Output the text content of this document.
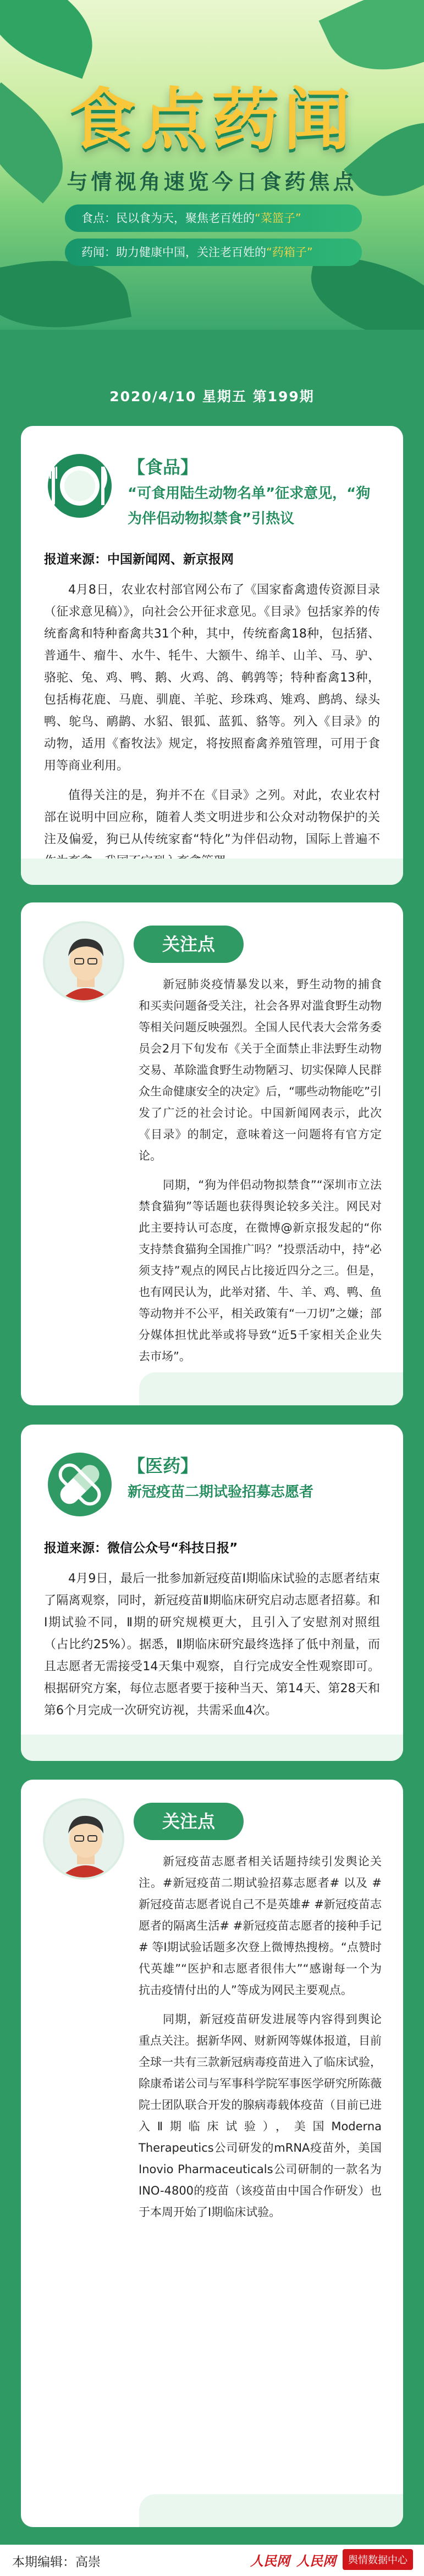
食点药闻
与情视角速览今日食药焦点
食点：民以食为天，聚焦老百姓的“菜篮子”
药闻：助力健康中国，关注老百姓的“药箱子”
2020/4/10 星期五 第199期
【食品】
“可食用陆生动物名单”征求意见，“狗为伴侣动物拟禁食”引热议
报道来源：中国新闻网、新京报网

4月8日，农业农村部官网公布了《国家畜禽遗传资源目录（征求意见稿）》，向社会公开征求意见。《目录》包括家养的传统畜禽和特种畜禽共31个种，其中，传统畜禽18种，包括猪、普通牛、瘤牛、水牛、牦牛、大额牛、绵羊、山羊、马、驴、骆驼、兔、鸡、鸭、鹅、火鸡、鸽、鹌鹑等；特种畜禽13种，包括梅花鹿、马鹿、驯鹿、羊驼、珍珠鸡、雉鸡、鹧鸪、绿头鸭、鸵鸟、鸸鹋、水貂、银狐、蓝狐、貉等。列入《目录》的动物，适用《畜牧法》规定，将按照畜禽养殖管理，可用于食用等商业利用。

值得关注的是，狗并不在《目录》之列。对此，农业农村部在说明中回应称，随着人类文明进步和公众对动物保护的关注及偏爱，狗已从传统家畜“特化”为伴侣动物，国际上普遍不

关注点

新冠肺炎疫情暴发以来，野生动物的捕食和买卖问题备受关注，社会各界对滥食野生动物等相关问题反映强烈。全国人民代表大会常务委员会2月下旬发布《关于全面禁止非法野生动物交易、革除滥食野生动物陋习、切实保障人民群众生命健康安全的决定》后，“哪些动物能吃”引发了广泛的社会讨论。中国新闻网表示，此次《目录》的制定，意味着这一问题将有官方定论。

同期，“狗为伴侣动物拟禁食”“深圳市立法禁食猫狗”等话题也获得舆论较多关注。网民对此主要持认可态度，在微博@新京报发起的“你支持禁食猫狗全国推广吗？”投票活动中，持“必须支持”观点的网民占比接近四分之三。但是，也有网民认为，此举对猪、牛、羊、鸡、鸭、鱼等动物并不公平，相关政策有“一刀切”之嫌；部分媒体担忧此举或将导致“近5千家相关企业失去市场”。

【医药】
新冠疫苗二期试验招募志愿者
报道来源：微信公众号“科技日报”

4月9日，最后一批参加新冠疫苗Ⅰ期临床试验的志愿者结束了隔离观察，同时，新冠疫苗Ⅱ期临床研究启动志愿者招募。和Ⅰ期试验不同，Ⅱ期的研究规模更大，且引入了安慰剂对照组（占比约25%）。据悉，Ⅱ期临床研究最终选择了低中剂量，而且志愿者无需接受14天集中观察，自行完成安全性观察即可。根据研究方案，每位志愿者要于接种当天、第14天、第28天和第6个月完成一次研究访视，共需采血4次。

关注点

新冠疫苗志愿者相关话题持续引发舆论关注。#新冠疫苗二期试验招募志愿者# 以及 #新冠疫苗志愿者说自己不是英雄# #新冠疫苗志愿者的隔离生活# #新冠疫苗志愿者的接种手记# 等Ⅰ期试验话题多次登上微博热搜榜。“点赞时代英雄”“医护和志愿者很伟大”“感谢每一个为抗击疫情付出的人”等成为网民主要观点。

同期，新冠疫苗研发进展等内容得到舆论重点关注。据新华网、财新网等媒体报道，目前全球一共有三款新冠病毒疫苗进入了临床试验，除康希诺公司与军事科学院军事医学研究所陈薇院士团队联合开发的腺病毒载体疫苗（目前已进入Ⅱ期临床试验），美国Moderna Therapeutics公司研发的mRNA疫苗外，美国Inovio Pharmaceuticals公司研制的一款名为INO-4800的疫苗（该疫苗由中国合作研发）也于本周开始了Ⅰ期临床试验。

本期编辑：高崇	人民网 人民网	舆情数据中心
